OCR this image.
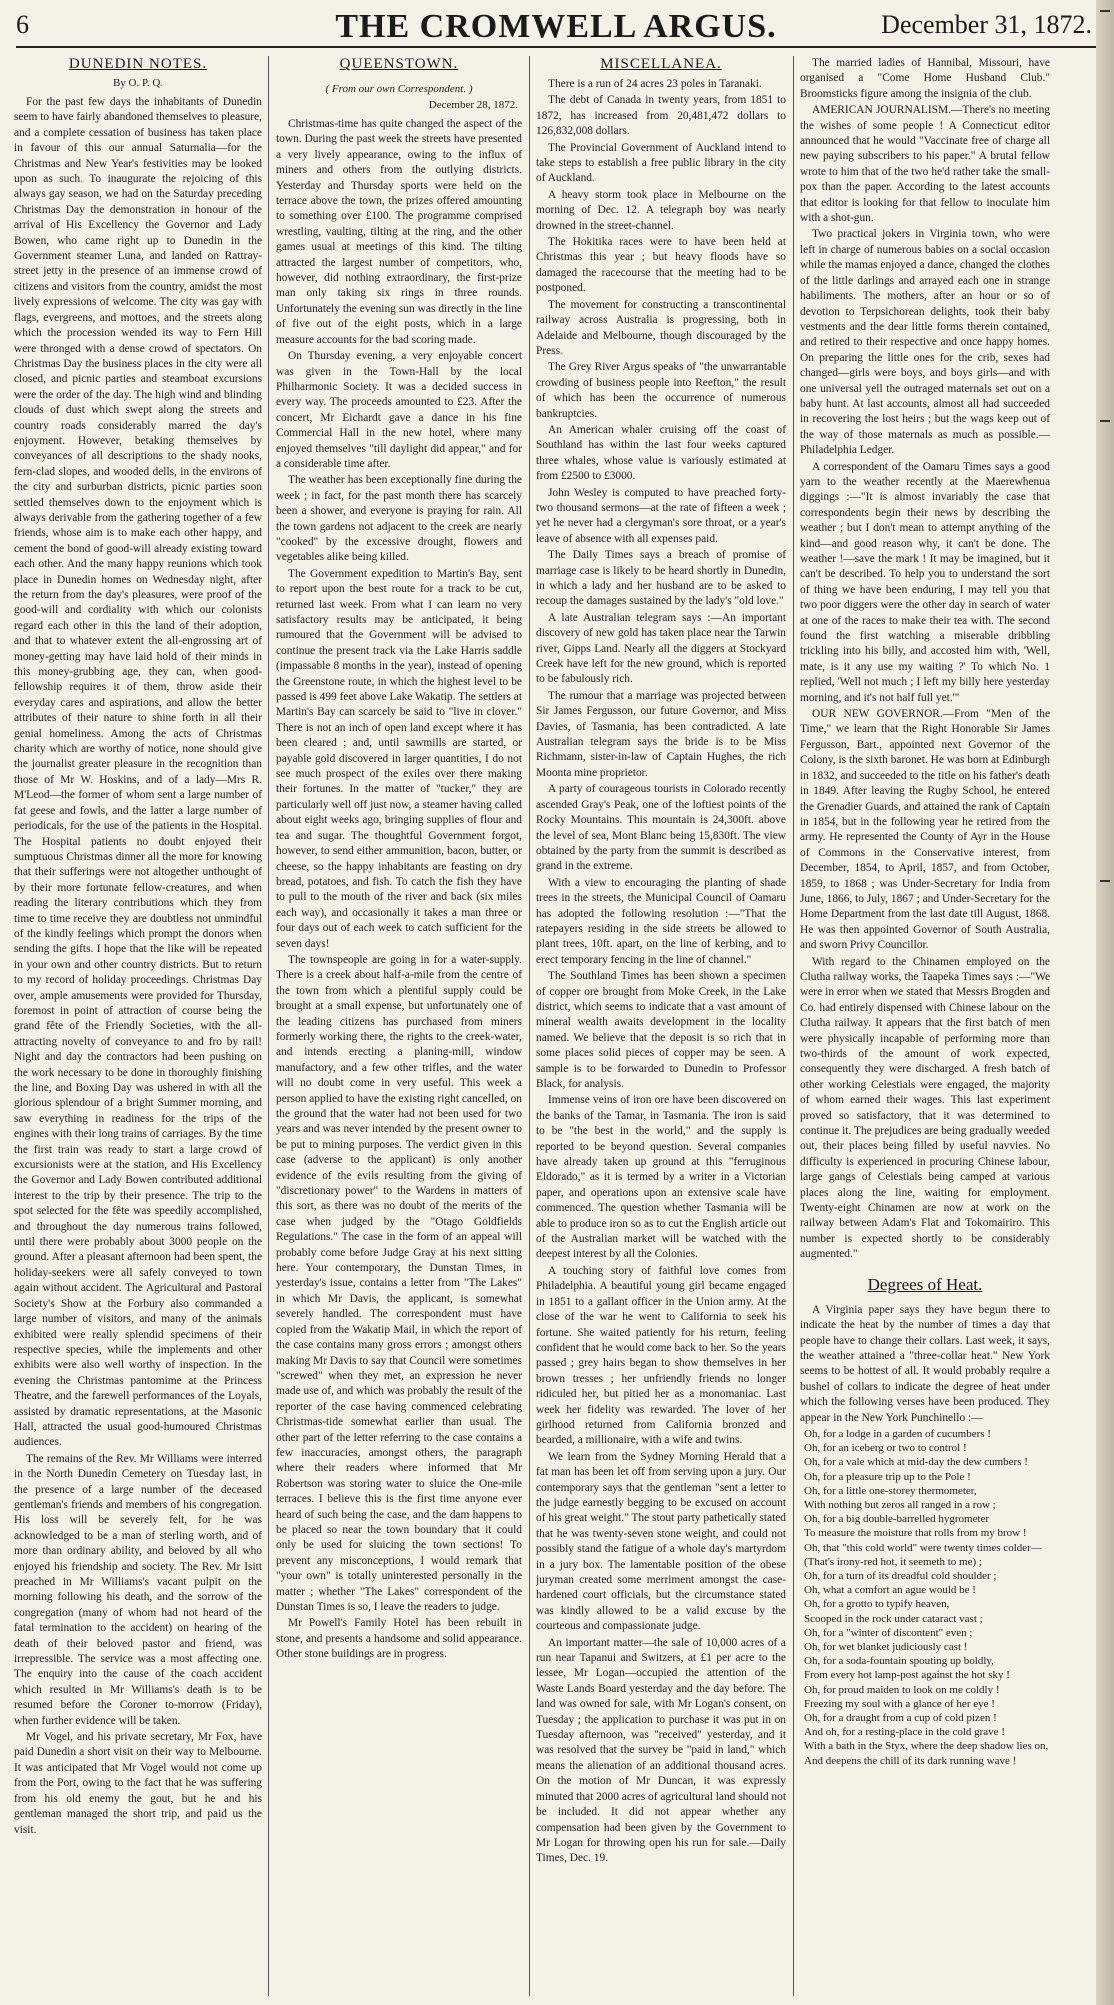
6	THE CROMWELL ARGUS.	December 31, 1872.
DUNEDIN NOTES.
By O. P. Q.

For the past few days the inhabitants of Dunedin seem to have fairly abandoned themselves to pleasure, and a complete cessation of business has taken place in favour of this our annual Saturnalia—for the Christmas and New Year's festivities may be looked upon as such. To inaugurate the rejoicing of this always gay season, we had on the Saturday preceding Christmas Day the demonstration in honour of the arrival of His Excellency the Governor and Lady Bowen, who came right up to Dunedin in the Government steamer Luna, and landed on Rattray-street jetty in the presence of an immense crowd of citizens and visitors from the country, amidst the most lively expressions of welcome. The city was gay with flags, evergreens, and mottoes, and the streets along which the procession wended its way to Fern Hill were thronged with a dense crowd of spectators. On Christmas Day the business places in the city were all closed, and picnic parties and steamboat excursions were the order of the day. The high wind and blinding clouds of dust which swept along the streets and country roads considerably marred the day's enjoyment. However, betaking themselves by conveyances of all descriptions to the shady nooks, fern-clad slopes, and wooded dells, in the environs of the city and surburban districts, picnic parties soon settled themselves down to the enjoyment which is always derivable from the gathering together of a few friends, whose aim is to make each other happy, and cement the bond of good-will already existing toward each other. And the many happy reunions which took place in Dunedin homes on Wednesday night, after the return from the day's pleasures, were proof of the good-will and cordiality with which our colonists regard each other in this the land of their adoption, and that to whatever extent the all-engrossing art of money-getting may have laid hold of their minds in this money-grubbing age, they can, when good-fellowship requires it of them, throw aside their everyday cares and aspirations, and allow the better attributes of their nature to shine forth in all their genial homeliness. Among the acts of Christmas charity which are worthy of notice, none should give the journalist greater pleasure in the recognition than those of Mr W. Hoskins, and of a lady—Mrs R. M'Leod—the former of whom sent a large number of fat geese and fowls, and the latter a large number of periodicals, for the use of the patients in the Hospital. The Hospital patients no doubt enjoyed their sumptuous Christmas dinner all the more for knowing that their sufferings were not altogether unthought of by their more fortunate fellow-creatures, and when reading the literary contributions which they from time to time receive they are doubtless not unmindful of the kindly feelings which prompt the donors when sending the gifts. I hope that the like will be repeated in your own and other country districts. But to return to my record of holiday proceedings. Christmas Day over, ample amusements were provided for Thursday, foremost in point of attraction of course being the grand fête of the Friendly Societies, with the all-attracting novelty of conveyance to and fro by rail! Night and day the contractors had been pushing on the work necessary to be done in thoroughly finishing the line, and Boxing Day was ushered in with all the glorious splendour of a bright Summer morning, and saw everything in readiness for the trips of the engines with their long trains of carriages. By the time the first train was ready to start a large crowd of excursionists were at the station, and His Excellency the Governor and Lady Bowen contributed additional interest to the trip by their presence. The trip to the spot selected for the fête was speedily accomplished, and throughout the day numerous trains followed, until there were probably about 3000 people on the ground. After a pleasant afternoon had been spent, the holiday-seekers were all safely conveyed to town again without accident. The Agricultural and Pastoral Society's Show at the Forbury also commanded a large number of visitors, and many of the animals exhibited were really splendid specimens of their respective species, while the implements and other exhibits were also well worthy of inspection. In the evening the Christmas pantomime at the Princess Theatre, and the farewell performances of the Loyals, assisted by dramatic representations, at the Masonic Hall, attracted the usual good-humoured Christmas audiences.

The remains of the Rev. Mr Williams were interred in the North Dunedin Cemetery on Tuesday last, in the presence of a large number of the deceased gentleman's friends and members of his congregation. His loss will be severely felt, for he was acknowledged to be a man of sterling worth, and of more than ordinary ability, and beloved by all who enjoyed his friendship and society. The Rev. Mr Isitt preached in Mr Williams's vacant pulpit on the morning following his death, and the sorrow of the congregation (many of whom had not heard of the fatal termination to the accident) on hearing of the death of their beloved pastor and friend, was irrepressible. The service was a most affecting one. The enquiry into the cause of the coach accident which resulted in Mr Williams's death is to be resumed before the Coroner to-morrow (Friday), when further evidence will be taken.

Mr Vogel, and his private secretary, Mr Fox, have paid Dunedin a short visit on their way to Melbourne. It was anticipated that Mr Vogel would not come up from the Port, owing to the fact that he was suffering from his old enemy the gout, but he and his gentleman managed the short trip, and paid us the visit.

QUEENSTOWN.
( From our own Correspondent. )
December 28, 1872.

Christmas-time has quite changed the aspect of the town. During the past week the streets have presented a very lively appearance, owing to the influx of miners and others from the outlying districts. Yesterday and Thursday sports were held on the terrace above the town, the prizes offered amounting to something over £100. The programme comprised wrestling, vaulting, tilting at the ring, and the other games usual at meetings of this kind. The tilting attracted the largest number of competitors, who, however, did nothing extraordinary, the first-prize man only taking six rings in three rounds. Unfortunately the evening sun was directly in the line of five out of the eight posts, which in a large measure accounts for the bad scoring made.

On Thursday evening, a very enjoyable concert was given in the Town-Hall by the local Philharmonic Society. It was a decided success in every way. The proceeds amounted to £23. After the concert, Mr Eichardt gave a dance in his fine Commercial Hall in the new hotel, where many enjoyed themselves "till daylight did appear," and for a considerable time after.

The weather has been exceptionally fine during the week ; in fact, for the past month there has scarcely been a shower, and everyone is praying for rain. All the town gardens not adjacent to the creek are nearly "cooked" by the excessive drought, flowers and vegetables alike being killed.

The Government expedition to Martin's Bay, sent to report upon the best route for a track to be cut, returned last week. From what I can learn no very satisfactory results may be anticipated, it being rumoured that the Government will be advised to continue the present track via the Lake Harris saddle (impassable 8 months in the year), instead of opening the Greenstone route, in which the highest level to be passed is 499 feet above Lake Wakatip. The settlers at Martin's Bay can scarcely be said to "live in clover." There is not an inch of open land except where it has been cleared ; and, until sawmills are started, or payable gold discovered in larger quantities, I do not see much prospect of the exiles over there making their fortunes. In the matter of "tucker," they are particularly well off just now, a steamer having called about eight weeks ago, bringing supplies of flour and tea and sugar. The thoughtful Government forgot, however, to send either ammunition, bacon, butter, or cheese, so the happy inhabitants are feasting on dry bread, potatoes, and fish. To catch the fish they have to pull to the mouth of the river and back (six miles each way), and occasionally it takes a man three or four days out of each week to catch sufficient for the seven days!

The townspeople are going in for a water-supply. There is a creek about half-a-mile from the centre of the town from which a plentiful supply could be brought at a small expense, but unfortunately one of the leading citizens has purchased from miners formerly working there, the rights to the creek-water, and intends erecting a planing-mill, window manufactory, and a few other trifles, and the water will no doubt come in very useful. This week a person applied to have the existing right cancelled, on the ground that the water had not been used for two years and was never intended by the present owner to be put to mining purposes. The verdict given in this case (adverse to the applicant) is only another evidence of the evils resulting from the giving of "discretionary power" to the Wardens in matters of this sort, as there was no doubt of the merits of the case when judged by the "Otago Goldfields Regulations." The case in the form of an appeal will probably come before Judge Gray at his next sitting here. Your contemporary, the Dunstan Times, in yesterday's issue, contains a letter from "The Lakes" in which Mr Davis, the applicant, is somewhat severely handled. The correspondent must have copied from the Wakatip Mail, in which the report of the case contains many gross errors ; amongst others making Mr Davis to say that Council were sometimes "screwed" when they met, an expression he never made use of, and which was probably the result of the reporter of the case having commenced celebrating Christmas-tide somewhat earlier than usual. The other part of the letter referring to the case contains a few inaccuracies, amongst others, the paragraph where their readers where informed that Mr Robertson was storing water to sluice the One-mile terraces. I believe this is the first time anyone ever heard of such being the case, and the dam happens to be placed so near the town boundary that it could only be used for sluicing the town sections! To prevent any misconceptions, I would remark that "your own" is totally uninterested personally in the matter ; whether "The Lakes" correspondent of the Dunstan Times is so, I leave the readers to judge.

Mr Powell's Family Hotel has been rebuilt in stone, and presents a handsome and solid appearance. Other stone buildings are in progress.

MISCELLANEA.

There is a run of 24 acres 23 poles in Taranaki.

The debt of Canada in twenty years, from 1851 to 1872, has increased from 20,481,472 dollars to 126,832,008 dollars.

The Provincial Government of Auckland intend to take steps to establish a free public library in the city of Auckland.

A heavy storm took place in Melbourne on the morning of Dec. 12. A telegraph boy was nearly drowned in the street-channel.

The Hokitika races were to have been held at Christmas this year ; but heavy floods have so damaged the racecourse that the meeting had to be postponed.

The movement for constructing a transcontinental railway across Australia is progressing, both in Adelaide and Melbourne, though discouraged by the Press.

The Grey River Argus speaks of "the unwarrantable crowding of business people into Reefton," the result of which has been the occurrence of numerous bankruptcies.

An American whaler cruising off the coast of Southland has within the last four weeks captured three whales, whose value is variously estimated at from £2500 to £3000.

John Wesley is computed to have preached forty-two thousand sermons—at the rate of fifteen a week ; yet he never had a clergyman's sore throat, or a year's leave of absence with all expenses paid.

The Daily Times says a breach of promise of marriage case is likely to be heard shortly in Dunedin, in which a lady and her husband are to be asked to recoup the damages sustained by the lady's "old love."

A late Australian telegram says :—An important discovery of new gold has taken place near the Tarwin river, Gipps Land. Nearly all the diggers at Stockyard Creek have left for the new ground, which is reported to be fabulously rich.

The rumour that a marriage was projected between Sir James Fergusson, our future Governor, and Miss Davies, of Tasmania, has been contradicted. A late Australian telegram says the bride is to be Miss Richmann, sister-in-law of Captain Hughes, the rich Moonta mine proprietor.

A party of courageous tourists in Colorado recently ascended Gray's Peak, one of the loftiest points of the Rocky Mountains. This mountain is 24,300ft. above the level of sea, Mont Blanc being 15,830ft. The view obtained by the party from the summit is described as grand in the extreme.

With a view to encouraging the planting of shade trees in the streets, the Municipal Council of Oamaru has adopted the following resolution :—"That the ratepayers residing in the side streets be allowed to plant trees, 10ft. apart, on the line of kerbing, and to erect temporary fencing in the line of channel."

The Southland Times has been shown a specimen of copper ore brought from Moke Creek, in the Lake district, which seems to indicate that a vast amount of mineral wealth awaits development in the locality named. We believe that the deposit is so rich that in some places solid pieces of copper may be seen. A sample is to be forwarded to Dunedin to Professor Black, for analysis.

Immense veins of iron ore have been discovered on the banks of the Tamar, in Tasmania. The iron is said to be "the best in the world," and the supply is reported to be beyond question. Several companies have already taken up ground at this "ferruginous Eldorado," as it is termed by a writer in a Victorian paper, and operations upon an extensive scale have commenced. The question whether Tasmania will be able to produce iron so as to cut the English article out of the Australian market will be watched with the deepest interest by all the Colonies.

A touching story of faithful love comes from Philadelphia. A beautiful young girl became engaged in 1851 to a gallant officer in the Union army. At the close of the war he went to California to seek his fortune. She waited patiently for his return, feeling confident that he would come back to her. So the years passed ; grey hairs began to show themselves in her brown tresses ; her unfriendly friends no longer ridiculed her, but pitied her as a monomaniac. Last week her fidelity was rewarded. The lover of her girlhood returned from California bronzed and bearded, a millionaire, with a wife and twins.

We learn from the Sydney Morning Herald that a fat man has been let off from serving upon a jury. Our contemporary says that the gentleman "sent a letter to the judge earnestly begging to be excused on account of his great weight." The stout party pathetically stated that he was twenty-seven stone weight, and could not possibly stand the fatigue of a whole day's martyrdom in a jury box. The lamentable position of the obese juryman created some merriment amongst the case-hardened court officials, but the circumstance stated was kindly allowed to be a valid excuse by the courteous and compassionate judge.

An important matter—the sale of 10,000 acres of a run near Tapanui and Switzers, at £1 per acre to the lessee, Mr Logan—occupied the attention of the Waste Lands Board yesterday and the day before. The land was owned for sale, with Mr Logan's consent, on Tuesday ; the application to purchase it was put in on Tuesday afternoon, was "received" yesterday, and it was resolved that the survey be "paid in land," which means the alienation of an additional thousand acres. On the motion of Mr Duncan, it was expressly minuted that 2000 acres of agricultural land should not be included. It did not appear whether any compensation had been given by the Government to Mr Logan for throwing open his run for sale.—Daily Times, Dec. 19.

The married ladies of Hannibal, Missouri, have organised a "Come Home Husband Club." Broomsticks figure among the insignia of the club.

AMERICAN JOURNALISM.—There's no meeting the wishes of some people ! A Connecticut editor announced that he would "Vaccinate free of charge all new paying subscribers to his paper." A brutal fellow wrote to him that of the two he'd rather take the small-pox than the paper. According to the latest accounts that editor is looking for that fellow to inoculate him with a shot-gun.

Two practical jokers in Virginia town, who were left in charge of numerous babies on a social occasion while the mamas enjoyed a dance, changed the clothes of the little darlings and arrayed each one in strange habiliments. The mothers, after an hour or so of devotion to Terpsichorean delights, took their baby vestments and the dear little forms therein contained, and retired to their respective and once happy homes. On preparing the little ones for the crib, sexes had changed—girls were boys, and boys girls—and with one universal yell the outraged maternals set out on a baby hunt. At last accounts, almost all had succeeded in recovering the lost heirs ; but the wags keep out of the way of those maternals as much as possible.—Philadelphia Ledger.

A correspondent of the Oamaru Times says a good yarn to the weather recently at the Maerewhenua diggings :—"It is almost invariably the case that correspondents begin their news by describing the weather ; but I don't mean to attempt anything of the kind—and good reason why, it can't be done. The weather !—save the mark ! It may be imagined, but it can't be described. To help you to understand the sort of thing we have been enduring, I may tell you that two poor diggers were the other day in search of water at one of the races to make their tea with. The second found the first watching a miserable dribbling trickling into his billy, and accosted him with, 'Well, mate, is it any use my waiting ?' To which No. 1 replied, 'Well not much ; I left my billy here yesterday morning, and it's not half full yet.'"

OUR NEW GOVERNOR.—From "Men of the Time," we learn that the Right Honorable Sir James Fergusson, Bart., appointed next Governor of the Colony, is the sixth baronet. He was born at Edinburgh in 1832, and succeeded to the title on his father's death in 1849. After leaving the Rugby School, he entered the Grenadier Guards, and attained the rank of Captain in 1854, but in the following year he retired from the army. He represented the County of Ayr in the House of Commons in the Conservative interest, from December, 1854, to April, 1857, and from October, 1859, to 1868 ; was Under-Secretary for India from June, 1866, to July, 1867 ; and Under-Secretary for the Home Department from the last date till August, 1868. He was then appointed Governor of South Australia, and sworn Privy Councillor.

With regard to the Chinamen employed on the Clutha railway works, the Taapeka Times says :—"We were in error when we stated that Messrs Brogden and Co. had entirely dispensed with Chinese labour on the Clutha railway. It appears that the first batch of men were physically incapable of performing more than two-thirds of the amount of work expected, consequently they were discharged. A fresh batch of other working Celestials were engaged, the majority of whom earned their wages. This last experiment proved so satisfactory, that it was determined to continue it. The prejudices are being gradually weeded out, their places being filled by useful navvies. No difficulty is experienced in procuring Chinese labour, large gangs of Celestials being camped at various places along the line, waiting for employment. Twenty-eight Chinamen are now at work on the railway between Adam's Flat and Tokomairiro. This number is expected shortly to be considerably augmented."

Degrees of Heat.

A Virginia paper says they have begun there to indicate the heat by the number of times a day that people have to change their collars. Last week, it says, the weather attained a "three-collar heat." New York seems to be hottest of all. It would probably require a bushel of collars to indicate the degree of heat under which the following verses have been produced. They appear in the New York Punchinello :—

Oh, for a lodge in a garden of cucumbers !

Oh, for an iceberg or two to control !

Oh, for a vale which at mid-day the dew cumbers !

Oh, for a pleasure trip up to the Pole !

Oh, for a little one-storey thermometer,

With nothing but zeros all ranged in a row ;

Oh, for a big double-barrelled hygrometer

To measure the moisture that rolls from my brow !

Oh, that "this cold world" were twenty times colder—

(That's irony-red hot, it seemeth to me) ;

Oh, for a turn of its dreadful cold shoulder ;

Oh, what a comfort an ague would be !

Oh, for a grotto to typify heaven,

Scooped in the rock under cataract vast ;

Oh, for a "winter of discontent" even ;

Oh, for wet blanket judiciously cast !

Oh, for a soda-fountain spouting up boldly,

From every hot lamp-post against the hot sky !

Oh, for proud maiden to look on me coldly !

Freezing my soul with a glance of her eye !

Oh, for a draught from a cup of cold pizen !

And oh, for a resting-place in the cold grave !

With a bath in the Styx, where the deep shadow lies on,

And deepens the chill of its dark running wave !
